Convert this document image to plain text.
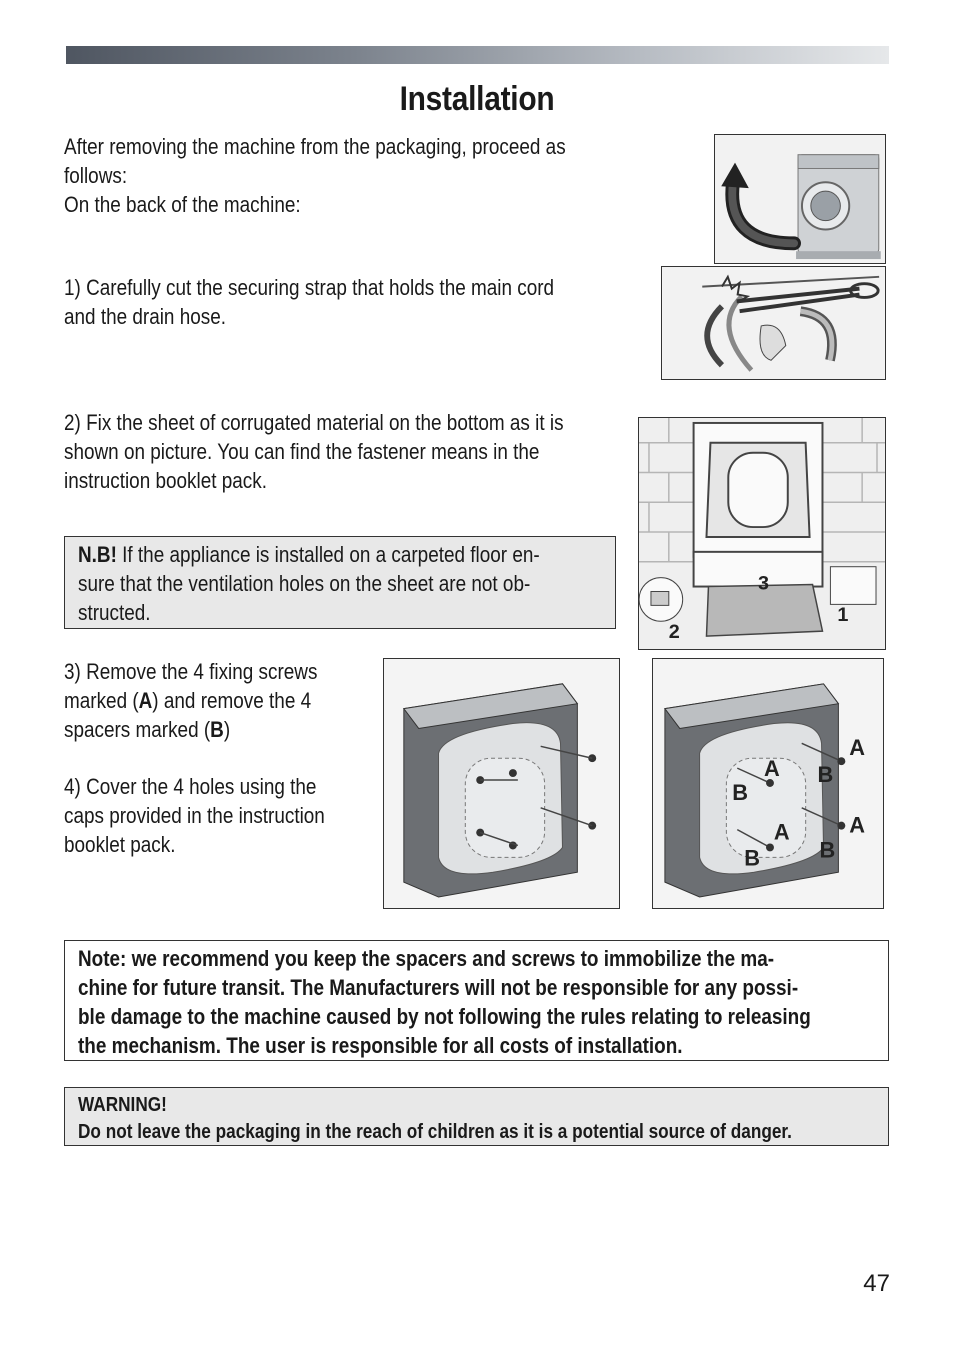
Installation
After removing the machine from the packaging, proceed as
follows:
On the back of the machine:
1) Carefully cut the securing strap that holds the main cord
and the drain hose.
2) Fix the sheet of corrugated material on the bottom as it is
shown on picture. You can find the fastener means in the
instruction booklet pack.
N.B! If the appliance is installed on a carpeted floor en-
sure that the ventilation holes on the sheet are not ob-
structed.
3) Remove the 4 fixing screws
marked (A) and remove the 4
spacers marked (B)
4) Cover the 4 holes using the
caps provided in the instruction
booklet pack.
Note: we recommend you keep the spacers and screws to immobilize the ma-
chine for future transit. The Manufacturers will not be responsible for any possi-
ble damage to the machine caused by not following the rules relating to releasing
the mechanism. The user is responsible for all costs of installation.
WARNING!
Do not leave the packaging in the reach of children as it is a potential source of danger.
3
1
2
A
B
A
B
A
B
A
B
47
